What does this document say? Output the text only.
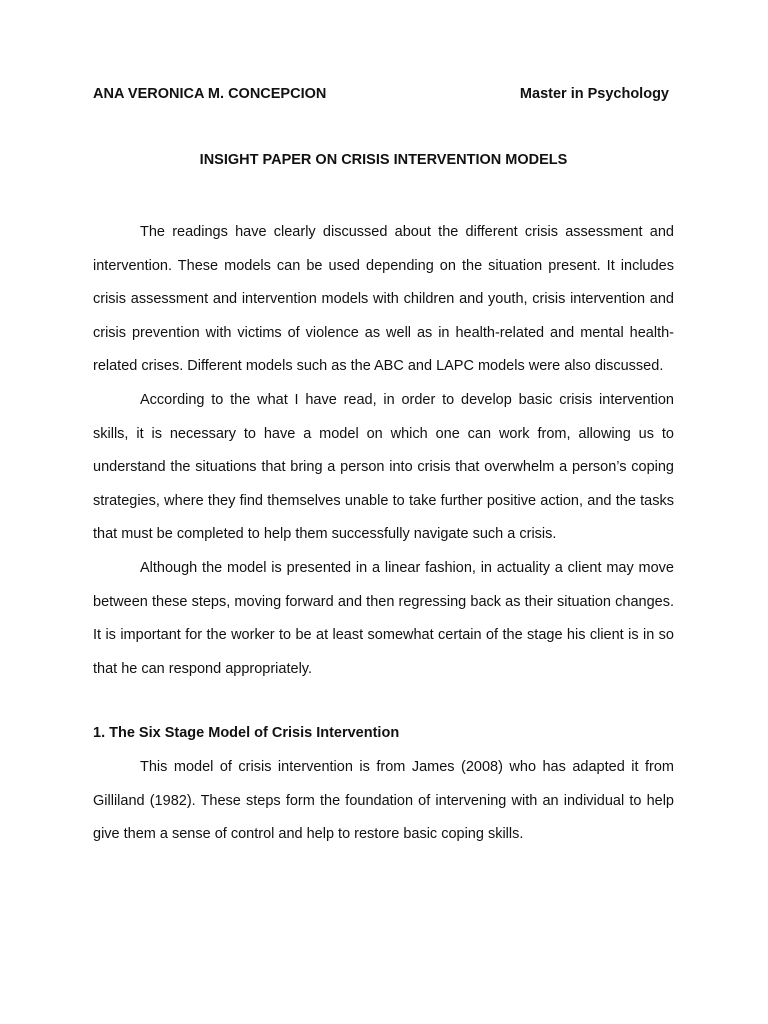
ANA VERONICA M. CONCEPCION	Master in Psychology
INSIGHT PAPER ON CRISIS INTERVENTION MODELS

The readings have clearly discussed about the different crisis assessment and intervention. These models can be used depending on the situation present. It includes crisis assessment and intervention models with children and youth, crisis intervention and crisis prevention with victims of violence as well as in health-related and mental health-related crises. Different models such as the ABC and LAPC models were also discussed.

According to the what I have read, in order to develop basic crisis intervention skills, it is necessary to have a model on which one can work from, allowing us to understand the situations that bring a person into crisis that overwhelm a person’s coping strategies, where they find themselves unable to take further positive action, and the tasks that must be completed to help them successfully navigate such a crisis.

Although the model is presented in a linear fashion, in actuality a client may move between these steps, moving forward and then regressing back as their situation changes. It is important for the worker to be at least somewhat certain of the stage his client is in so that he can respond appropriately.

1. The Six Stage Model of Crisis Intervention

This model of crisis intervention is from James (2008) who has adapted it from Gilliland (1982). These steps form the foundation of intervening with an individual to help give them a sense of control and help to restore basic coping skills.
